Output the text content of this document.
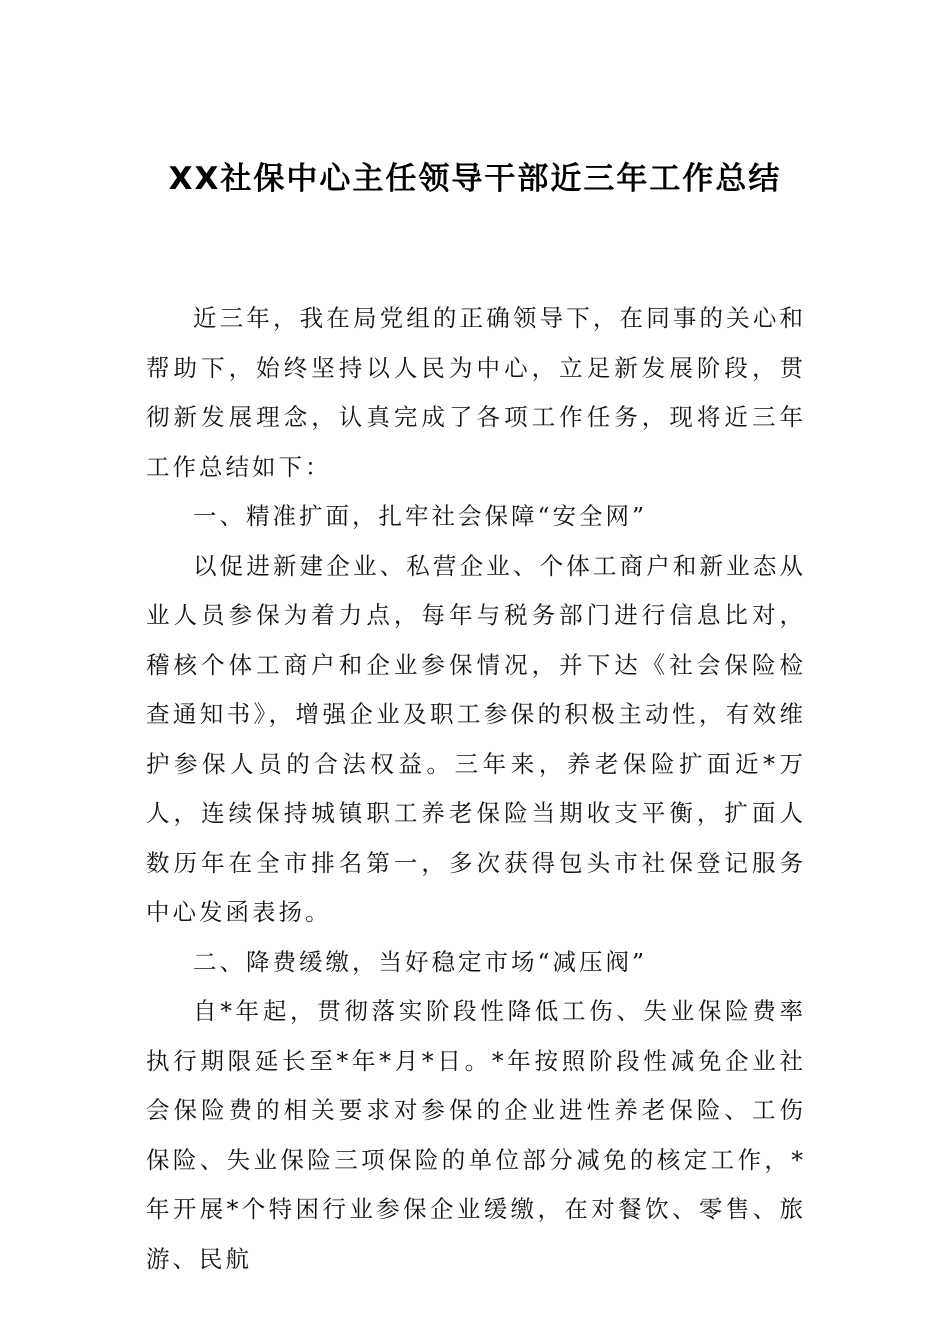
XX社保中心主任领导干部近三年工作总结

近三年，我在局党组的正确领导下，在同事的关心和帮助下，始终坚持以人民为中心，立足新发展阶段，贯彻新发展理念，认真完成了各项工作任务，现将近三年工作总结如下：

一、精准扩面，扎牢社会保障“安全网”

以促进新建企业、私营企业、个体工商户和新业态从业人员参保为着力点，每年与税务部门进行信息比对，稽核个体工商户和企业参保情况，并下达《社会保险检查通知书》，增强企业及职工参保的积极主动性，有效维护参保人员的合法权益。三年来，养老保险扩面近*万人，连续保持城镇职工养老保险当期收支平衡，扩面人数历年在全市排名第一，多次获得包头市社保登记服务中心发函表扬。

二、降费缓缴，当好稳定市场“减压阀”

自*年起，贯彻落实阶段性降低工伤、失业保险费率执行期限延长至*年*月*日。*年按照阶段性减免企业社会保险费的相关要求对参保的企业进性养老保险、工伤保险、失业保险三项保险的单位部分减免的核定工作，*年开展*个特困行业参保企业缓缴，在对餐饮、零售、旅游、民航
